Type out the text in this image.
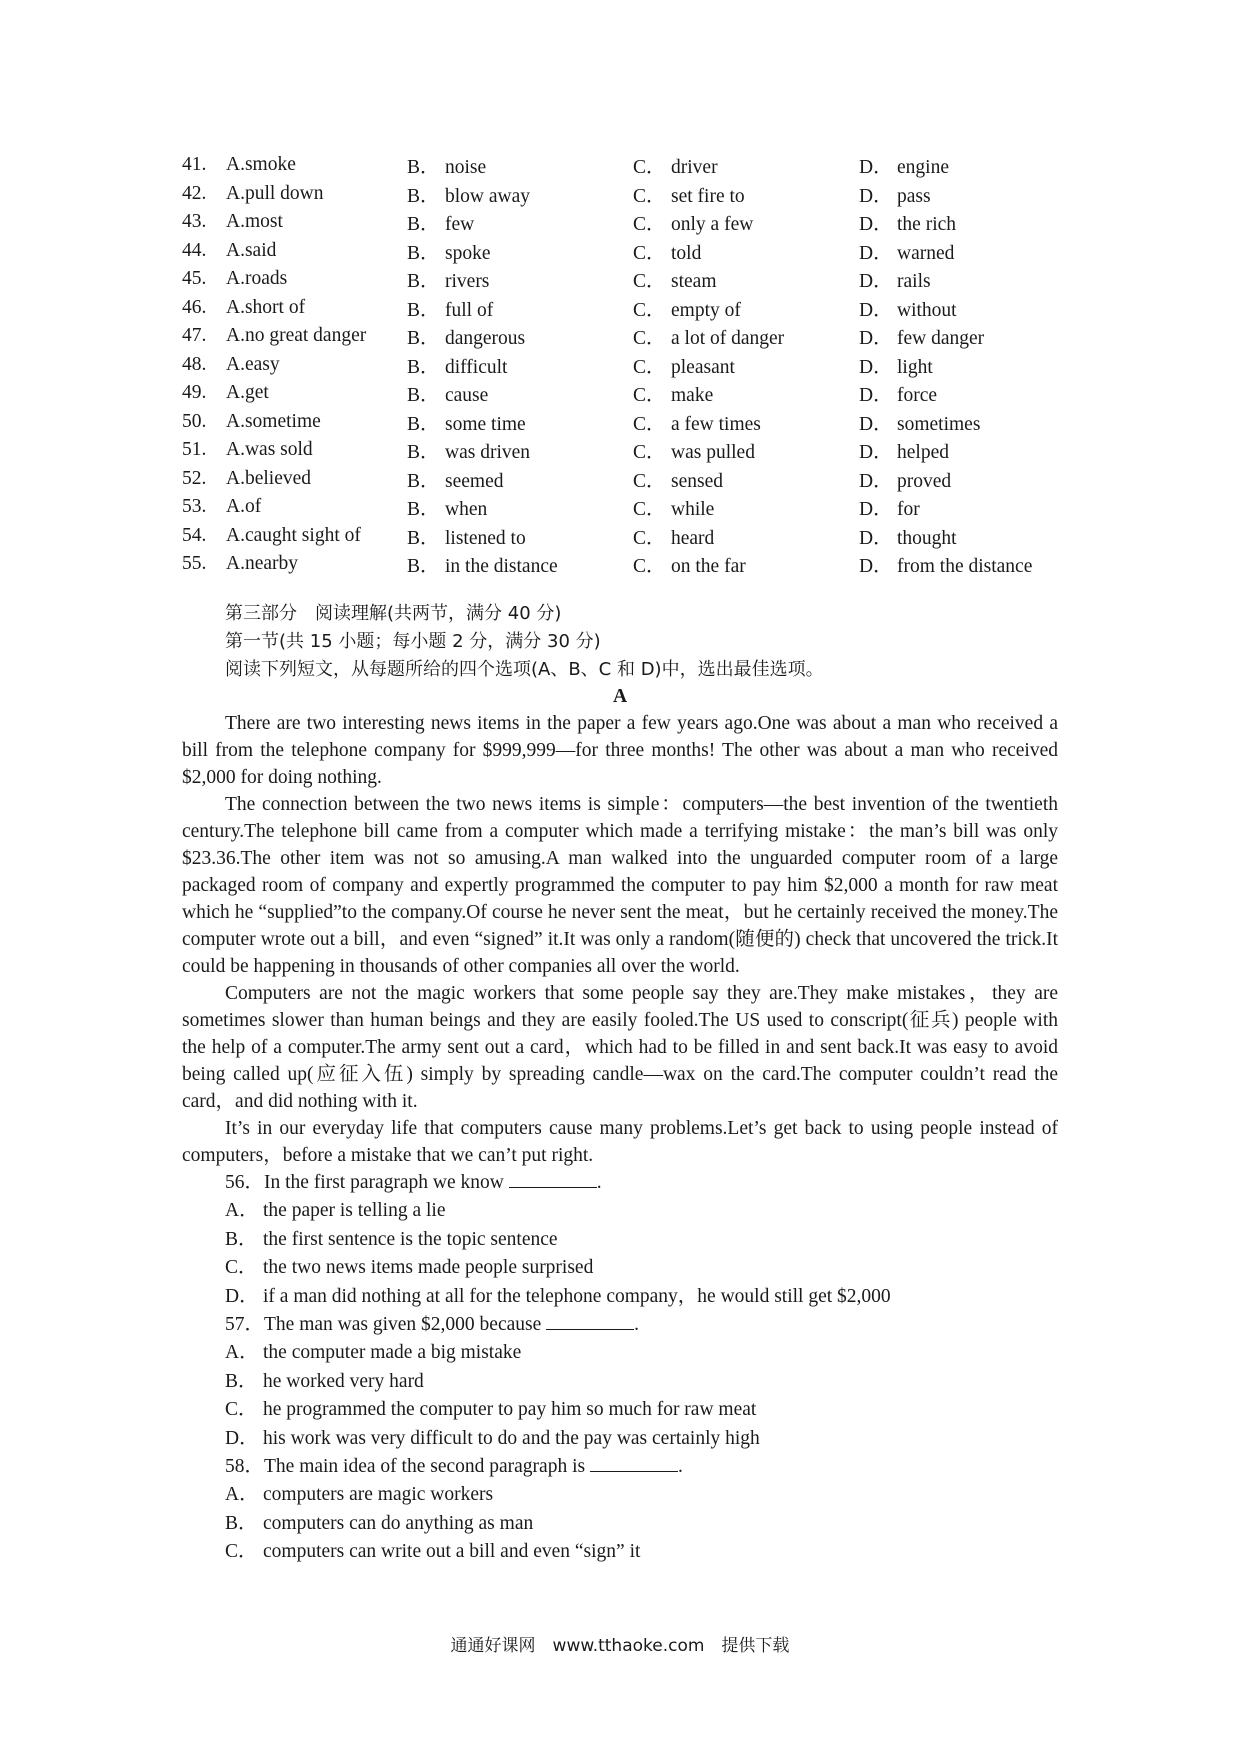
41.	A.smoke	B． noise	C． driver	D． engine
42.	A.pull down	B． blow away	C． set fire to	D． pass
43.	A.most	B． few	C． only a few	D． the rich
44.	A.said	B． spoke	C． told	D． warned
45.	A.roads	B． rivers	C． steam	D． rails
46.	A.short of	B． full of	C． empty of	D． without
47.	A.no great danger	B． dangerous	C． a lot of danger	D． few danger
48.	A.easy	B． difficult	C． pleasant	D． light
49.	A.get	B． cause	C． make	D． force
50.	A.sometime	B． some time	C． a few times	D． sometimes
51.	A.was sold	B． was driven	C． was pulled	D． helped
52.	A.believed	B． seemed	C． sensed	D． proved
53.	A.of	B． when	C． while	D． for
54.	A.caught sight of	B． listened to	C． heard	D． thought
55.	A.nearby	B． in the distance	C． on the far	D． from the distance
第三部分　阅读理解(共两节，满分 40 分)
第一节(共 15 小题；每小题 2 分，满分 30 分)
阅读下列短文，从每题所给的四个选项(A、B、C 和 D)中，选出最佳选项。
A

There are two interesting news items in the paper a few years ago.One was about a man who received a bill from the telephone company for $999,999—for three months! The other was about a man who received $2,000 for doing nothing.

The connection between the two news items is simple：computers—the best invention of the twentieth century.The telephone bill came from a computer which made a terrifying mistake：the man’s bill was only $23.36.The other item was not so amusing.A man walked into the unguarded computer room of a large packaged room of company and expertly programmed the computer to pay him $2,000 a month for raw meat which he “supplied”to the company.Of course he never sent the meat，but he certainly received the money.The computer wrote out a bill，and even “signed” it.It was only a random(随便的) check that uncovered the trick.It could be happening in thousands of other companies all over the world.

Computers are not the magic workers that some people say they are.They make mistakes，they are sometimes slower than human beings and they are easily fooled.The US used to conscript(征兵) people with the help of a computer.The army sent out a card，which had to be filled in and sent back.It was easy to avoid being called up(应征入伍) simply by spreading candle—wax on the card.The computer couldn’t read the card，and did nothing with it.

It’s in our everyday life that computers cause many problems.Let’s get back to using people instead of computers，before a mistake that we can’t put right.

56．In the first paragraph we know	.
A． the paper is telling a lie
B． the first sentence is the topic sentence
C． the two news items made people surprised
D． if a man did nothing at all for the telephone company，he would still get $2,000
57．The man was given $2,000 because	.
A． the computer made a big mistake
B． he worked very hard
C． he programmed the computer to pay him so much for raw meat
D． his work was very difficult to do and the pay was certainly high
58．The main idea of the second paragraph is	.
A． computers are magic workers
B． computers can do anything as man
C． computers can write out a bill and even “sign” it
通通好课网　www.tthaoke.com　提供下载
